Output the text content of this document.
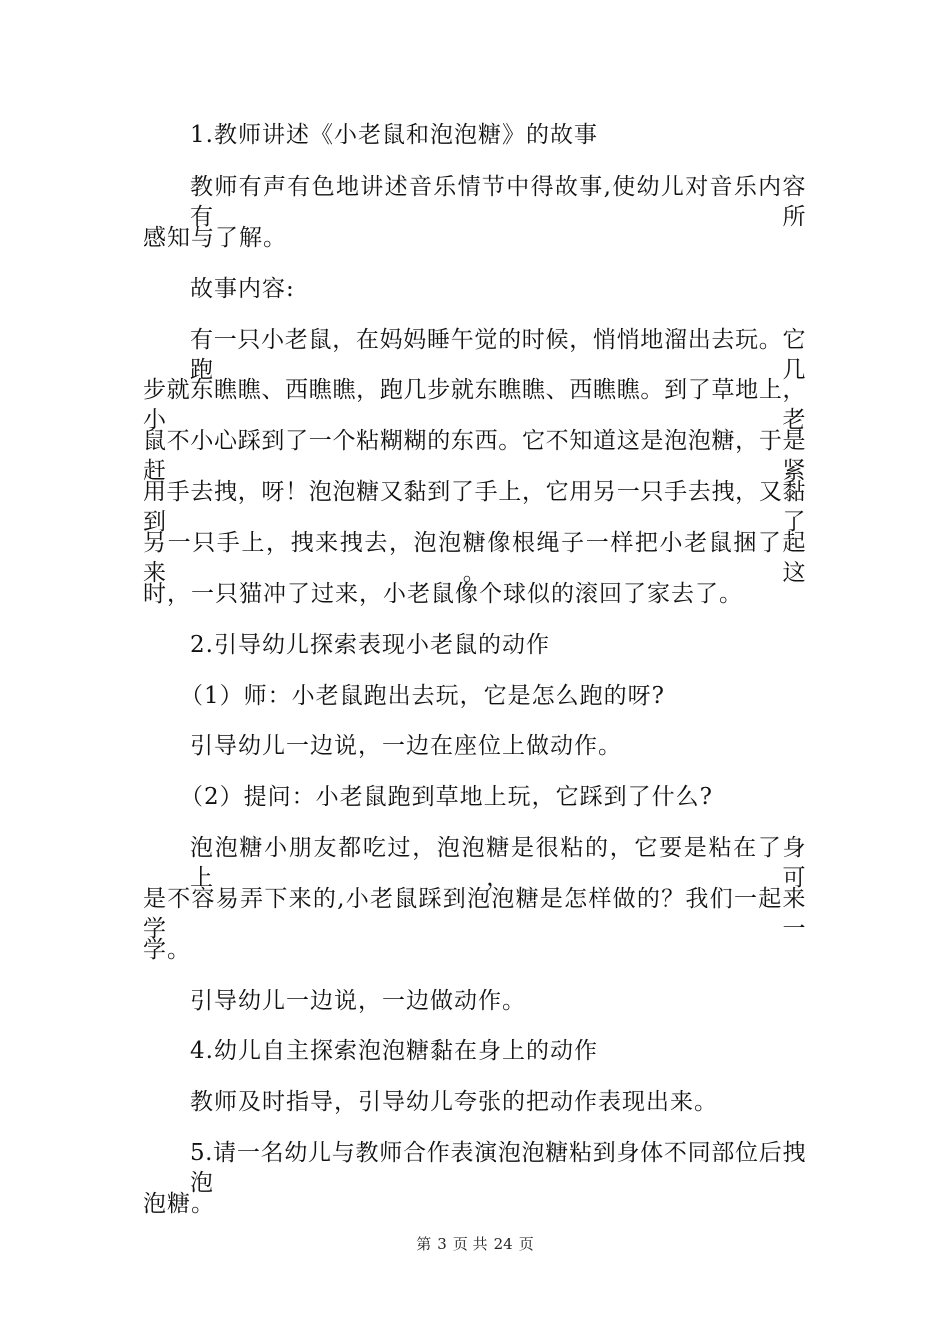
1.教师讲述《小老鼠和泡泡糖》的故事
教师有声有色地讲述音乐情节中得故事,使幼儿对音乐内容有所
感知与了解。
故事内容:
有一只小老鼠，在妈妈睡午觉的时候，悄悄地溜出去玩。它跑几
步就东瞧瞧、西瞧瞧，跑几步就东瞧瞧、西瞧瞧。到了草地上，小老
鼠不小心踩到了一个粘糊糊的东西。它不知道这是泡泡糖，于是赶紧
用手去拽，呀！泡泡糖又黏到了手上，它用另一只手去拽，又黏到了
另一只手上，拽来拽去，泡泡糖像根绳子一样把小老鼠捆了起来。这
时，一只猫冲了过来，小老鼠像个球似的滚回了家去了。
2.引导幼儿探索表现小老鼠的动作
（1）师：小老鼠跑出去玩，它是怎么跑的呀?
引导幼儿一边说，一边在座位上做动作。
（2）提问：小老鼠跑到草地上玩，它踩到了什么?
泡泡糖小朋友都吃过，泡泡糖是很粘的，它要是粘在了身上，可
是不容易弄下来的,小老鼠踩到泡泡糖是怎样做的？我们一起来学一
学。
引导幼儿一边说，一边做动作。
4.幼儿自主探索泡泡糖黏在身上的动作
教师及时指导，引导幼儿夸张的把动作表现出来。
5.请一名幼儿与教师合作表演泡泡糖粘到身体不同部位后拽泡
泡糖。
第 3 页 共 24 页
